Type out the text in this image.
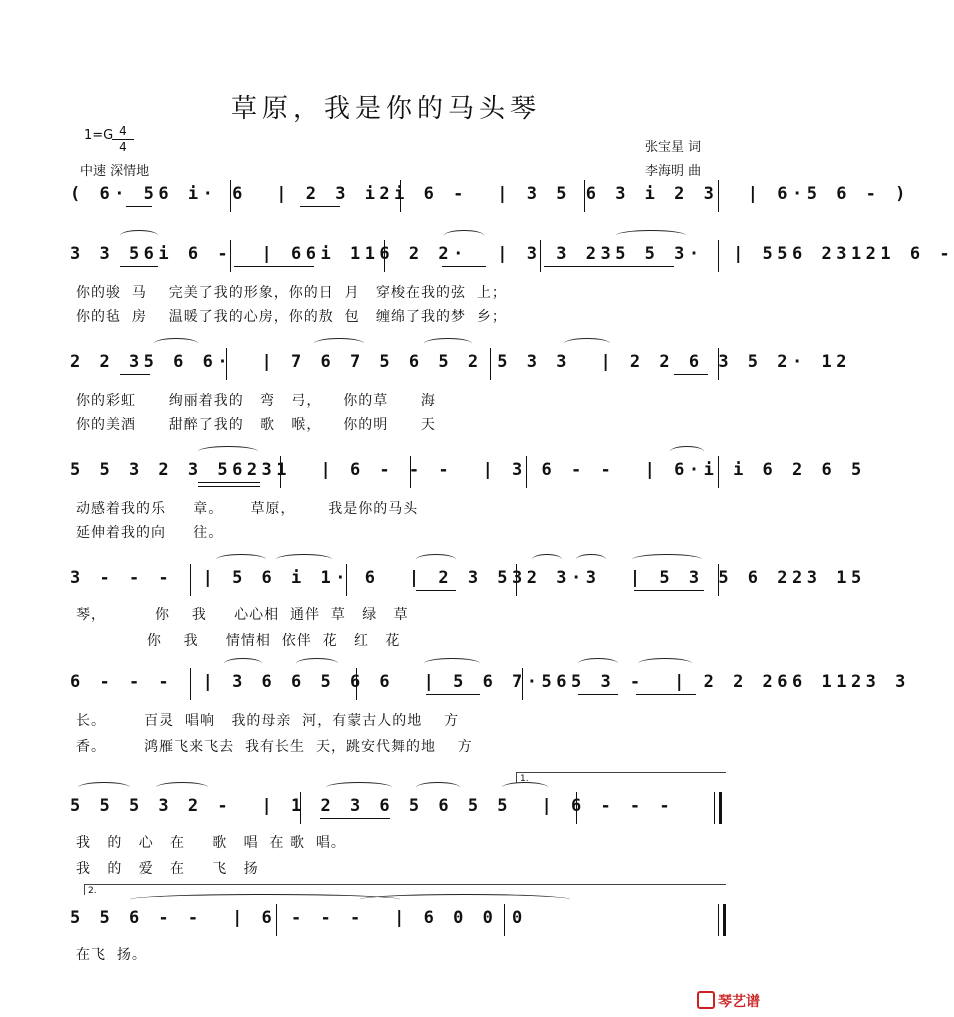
草原，我是你的马头琴
1=G 4
4
中速 深情地
张宝星 词
李海明 曲
( 6· 56 i· 6  | 2 3 i2i 6 -  | 3 5 6 3 i 2 3  | 6·5 6 - )
3 3 56i 6 -  | 66i 116 2 2·  | 3 3 235 5 3·  | 556 23121 6 -
你的骏  马    完美了我的形象，你的日  月   穿梭在我的弦  上；
你的毡  房    温暖了我的心房，你的敖  包   缠绵了我的梦  乡；
2 2 35 6 6·  | 7 6 7 5 6 5 2 5 3 3  | 2 2 6 3 5 2· 12
你的彩虹      绚丽着我的   弯   弓，    你的草      海
你的美酒      甜醉了我的   歌   喉，    你的明      天
5 5 3 2 3 56231  | 6 - - -  | 3 6 - -  | 6·i i 6 2 6 5
动感着我的乐     章。     草原，      我是你的马头
延伸着我的向     往。
3 - - -  | 5 6 i 1· 6  | 2 3 532 3·3  | 5 3 5 6 223 15
琴，         你    我     心心相  通伴  草   绿   草
你    我     情情相  依伴  花   红   花
6 - - -  | 3 6 6 5 6 6  | 5 6 7·565 3 -  | 2 2 266 1123 3
长。       百灵  唱响   我的母亲  河，有蒙古人的地    方
香。       鸿雁飞来飞去  我有长生  天，跳安代舞的地    方
1.
5 5 5 3 2 -  | 1 2 3 6 5 6 5 5  | 6 - - -
我   的   心   在     歌   唱  在 歌  唱。
我   的   爱   在     飞   扬
2.
5 5 6 - -  | 6 - - -  | 6 0 0 0
在飞  扬。
琴艺谱
